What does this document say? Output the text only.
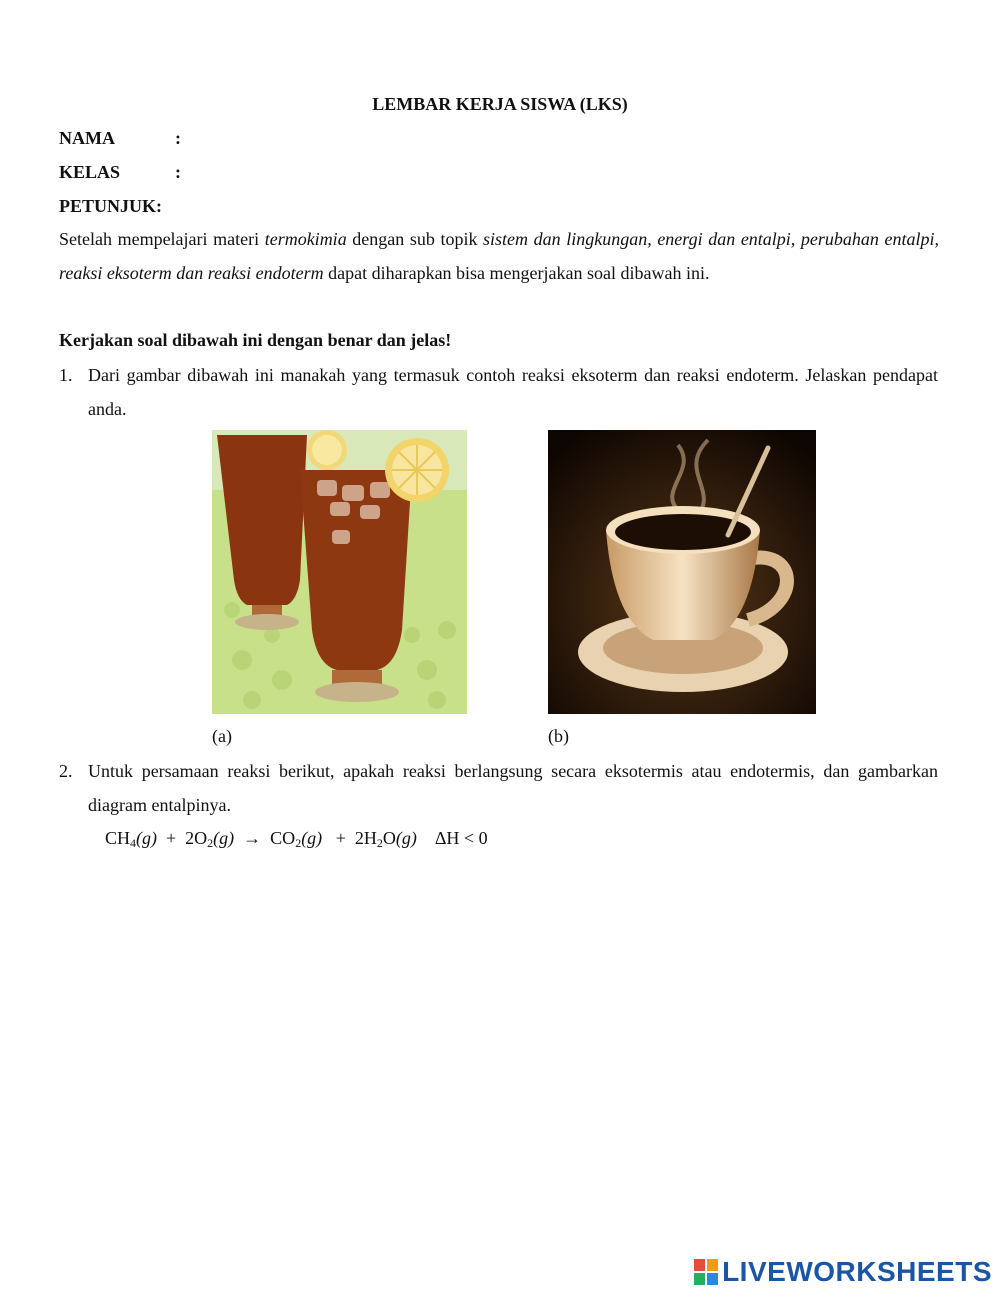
LEMBAR KERJA SISWA (LKS)
NAMA	:
KELAS	:
PETUNJUK:
Setelah mempelajari materi termokimia dengan sub topik sistem dan lingkungan, energi dan entalpi, perubahan entalpi, reaksi eksoterm dan reaksi endoterm dapat diharapkan bisa mengerjakan soal dibawah ini.
Kerjakan soal dibawah ini dengan benar dan jelas!
1. Dari gambar dibawah ini manakah yang termasuk contoh reaksi eksoterm dan reaksi endoterm. Jelaskan pendapat anda.
(a)	(b)
2. Untuk persamaan reaksi berikut, apakah reaksi berlangsung secara eksotermis atau endotermis, dan gambarkan diagram entalpinya.
$CH_4(g) + 2O_2(g) \to CO_2(g) + 2H_2O(g) \Delta H < 0$
LIVEWORKSHEETS
